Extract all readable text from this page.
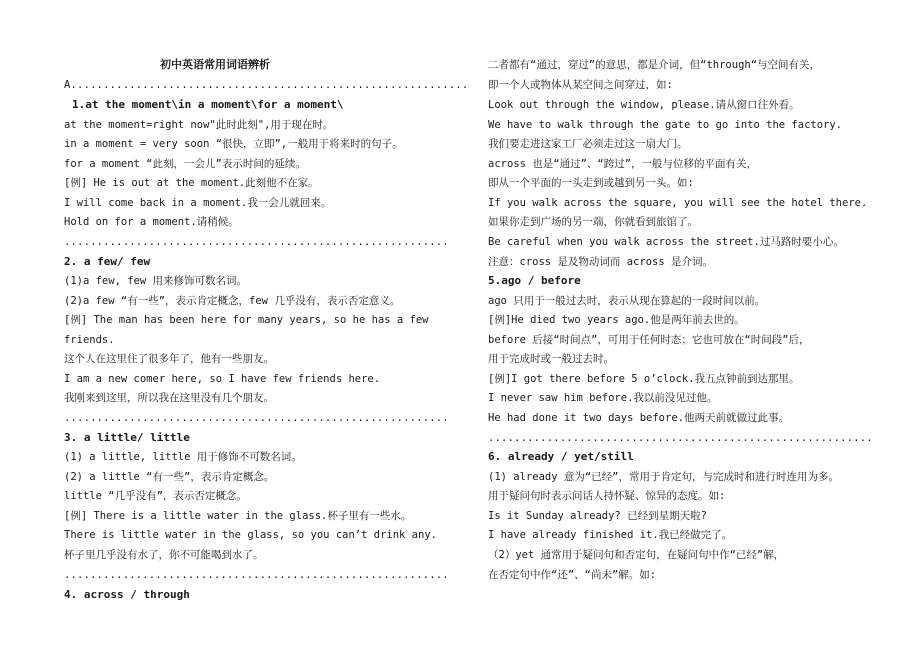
初中英语常用词语辨析
A.............................................................
1.at the moment\in a moment\for a moment\
at the moment=right now"此时此刻",用于现在时。
in a moment = very soon “很快，立即”,一般用于将来时的句子。
for a moment “此刻，一会儿”表示时间的延续。
[例] He is out at the moment.此刻他不在家。
I will come back in a moment.我一会儿就回来。
Hold on for a moment.请稍候。
...........................................................
2. a few/ few
(1)a few, few 用来修饰可数名词。
(2)a few “有一些”，表示肯定概念，few 几乎没有，表示否定意义。
[例] The man has been here for many years, so he has a few
friends.
这个人在这里住了很多年了，他有一些朋友。
I am a new comer here, so I have few friends here.
我刚来到这里，所以我在这里没有几个朋友。
...........................................................
3. a little/ little
(1) a little, little 用于修饰不可数名词。
(2) a little “有一些”，表示肯定概念。
little “几乎没有”，表示否定概念。
[例] There is a little water in the glass.杯子里有一些水。
There is little water in the glass, so you can’t drink any.
杯子里几乎没有水了，你不可能喝到水了。
...........................................................
4. across / through
二者都有“通过，穿过”的意思，都是介词，但“through“与空间有关，
即一个人或物体从某空间之间穿过，如:
Look out through the window, please.请从窗口往外看。
We have to walk through the gate to go into the factory.
我们要走进这家工厂必须走过这一扇大门。
across 也是“通过”、“跨过”，一般与位移的平面有关，
即从一个平面的一头走到或越到另一头。如:
If you walk across the square, you will see the hotel there.
如果你走到广场的另一端，你就看到旅馆了。
Be careful when you walk across the street.过马路时要小心。
注意：cross 是及物动词而 across 是介词。
5.ago / before
ago 只用于一般过去时，表示从现在算起的一段时间以前。
[例]He died two years ago.他是两年前去世的。
before 后接“时间点”，可用于任何时态；它也可放在“时间段”后，
用于完成时或一般过去时。
[例]I got there before 5 o’clock.我五点钟前到达那里。
I never saw him before.我以前没见过他。
He had done it two days before.他两天前就做过此事。
...........................................................
6. already / yet/still
(1) already 意为“已经”，常用于肯定句，与完成时和进行时连用为多。
用于疑问句时表示问话人持怀疑、惊异的态度。如:
Is it Sunday already? 已经到星期天啦?
I have already finished it.我已经做完了。
（2）yet 通常用于疑问句和否定句，在疑问句中作“已经”解，
在否定句中作“还”、“尚未”解。如:
